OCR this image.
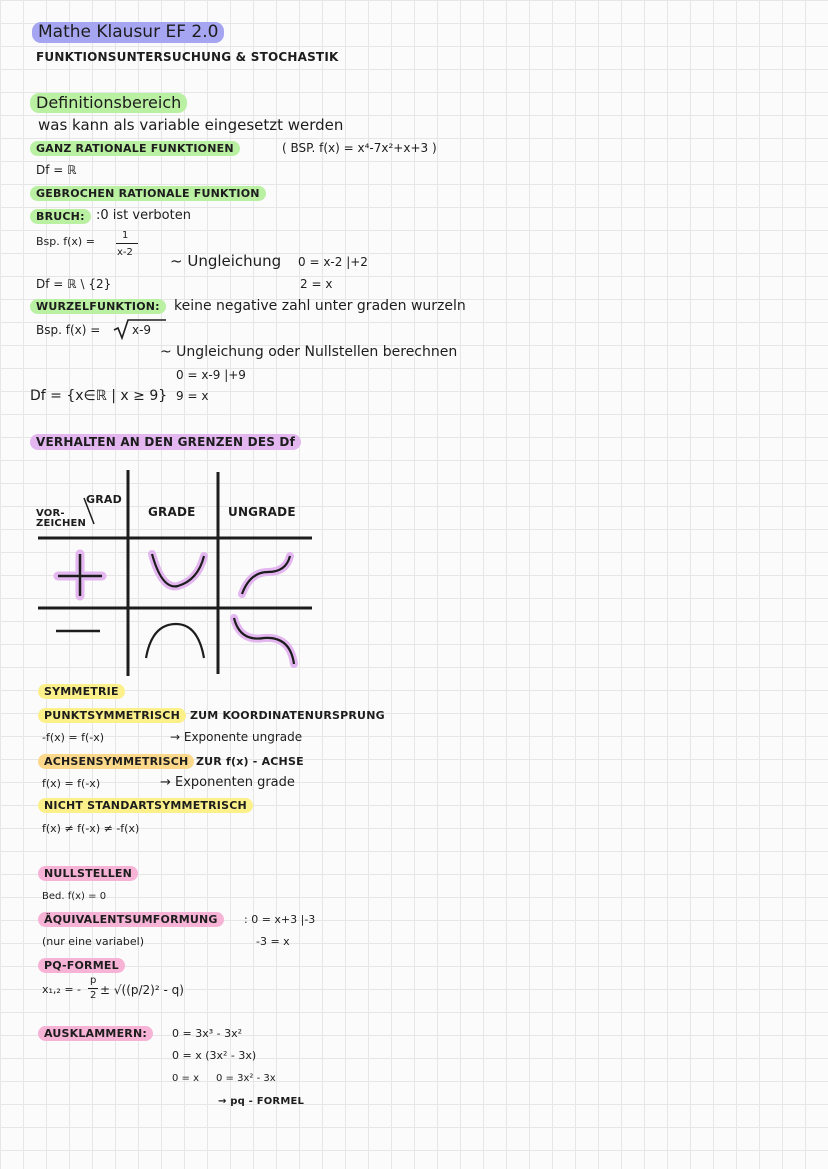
Mathe Klausur EF 2.0
FUNKTIONSUNTERSUCHUNG & STOCHASTIK
Definitionsbereich
was kann als variable eingesetzt werden
GANZ RATIONALE FUNKTIONEN	( BSP. f(x) = x⁴-7x²+x+3 )
Df = ℝ
GEBROCHEN RATIONALE FUNKTION
BRUCH: :0 ist verboten
Bsp. f(x) =	1
x-2 ~ Ungleichung 0 = x-2 |+2
2 = x
Df = ℝ \ {2}
WURZELFUNKTION:	keine negative zahl unter graden wurzeln
Bsp. f(x) =	x-9
~ Ungleichung oder Nullstellen berechnen
0 = x-9 |+9
9 = x
Df = {x∈ℝ | x ≥ 9}
VERHALTEN AN DEN GRENZEN DES Df
GRAD
VOR-
ZEICHEN
GRADE	UNGRADE
SYMMETRIE
PUNKTSYMMETRISCH ZUM KOORDINATENURSPRUNG
-f(x) = f(-x)	→ Exponente ungrade
ACHSENSYMMETRISCH ZUR f(x) - ACHSE
f(x) = f(-x)	→ Exponenten grade
NICHT STANDARTSYMMETRISCH
f(x) ≠ f(-x) ≠ -f(x)
NULLSTELLEN
Bed. f(x) = 0
ÄQUIVALENTSUMFORMUNG	: 0 = x+3 |-3
(nur eine variabel)	-3 = x
PQ-FORMEL
x₁,₂ = -
p
2 ± √((p/2)² - q)
AUSKLAMMERN:	0 = 3x³ - 3x²
0 = x (3x² - 3x)
0 = x 0 = 3x² - 3x
→ pq - FORMEL
